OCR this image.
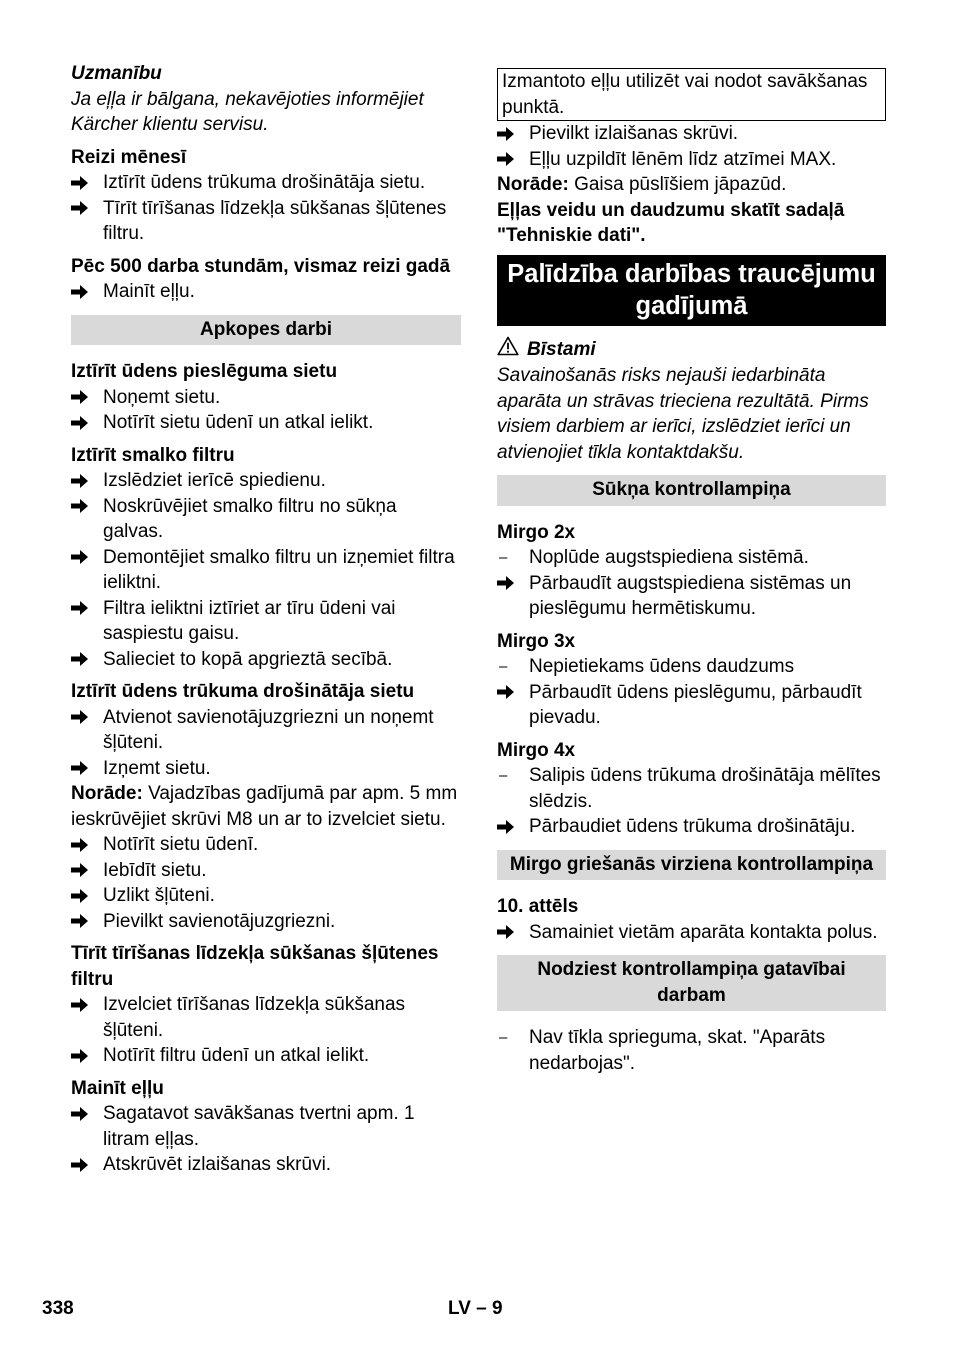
Uzmanību

Ja eļļa ir bālgana, nekavējoties informējiet Kärcher klientu servisu.

Reizi mēnesī

Iztīrīt ūdens trūkuma drošinātāja sietu.
Tīrīt tīrīšanas līdzekļa sūkšanas šļūtenes filtru.

Pēc 500 darba stundām, vismaz reizi gadā

Mainīt eļļu.
Apkopes darbi

Iztīrīt ūdens pieslēguma sietu

Noņemt sietu.
Notīrīt sietu ūdenī un atkal ielikt.

Iztīrīt smalko filtru

Izslēdziet ierīcē spiedienu.
Noskrūvējiet smalko filtru no sūkņa galvas.
Demontējiet smalko filtru un izņemiet filtra ieliktni.
Filtra ieliktni iztīriet ar tīru ūdeni vai saspiestu gaisu.
Salieciet to kopā apgrieztā secībā.

Iztīrīt ūdens trūkuma drošinātāja sietu

Atvienot savienotājuzgriezni un noņemt šļūteni.
Izņemt sietu.

Norāde: Vajadzības gadījumā par apm. 5 mm ieskrūvējiet skrūvi M8 un ar to izvelciet sietu.

Notīrīt sietu ūdenī.
Iebīdīt sietu.
Uzlikt šļūteni.
Pievilkt savienotājuzgriezni.

Tīrīt tīrīšanas līdzekļa sūkšanas šļūtenes filtru

Izvelciet tīrīšanas līdzekļa sūkšanas šļūteni.
Notīrīt filtru ūdenī un atkal ielikt.

Mainīt eļļu

Sagatavot savākšanas tvertni apm. 1 litram eļļas.
Atskrūvēt izlaišanas skrūvi.
Izmantoto eļļu utilizēt vai nodot savākšanas punktā.
Pievilkt izlaišanas skrūvi.
Eļļu uzpildīt lēnēm līdz atzīmei MAX.

Norāde: Gaisa pūslīšiem jāpazūd.

Eļļas veidu un daudzumu skatīt sadaļā "Tehniskie dati".

Palīdzība darbības traucējumu gadījumā
Bīstami

Savainošanās risks nejauši iedarbināta aparāta un strāvas trieciena rezultātā. Pirms visiem darbiem ar ierīci, izslēdziet ierīci un atvienojiet tīkla kontaktdakšu.

Sūkņa kontrollampiņa

Mirgo 2x

– Noplūde augstspiediena sistēmā.
Pārbaudīt augstspiediena sistēmas un pieslēgumu hermētiskumu.

Mirgo 3x

– Nepietiekams ūdens daudzums
Pārbaudīt ūdens pieslēgumu, pārbaudīt pievadu.

Mirgo 4x

– Salipis ūdens trūkuma drošinātāja mēlītes slēdzis.
Pārbaudiet ūdens trūkuma drošinātāju.
Mirgo griešanās virziena kontrollampiņa

10. attēls

Samainiet vietām aparāta kontakta polus.
Nodziest kontrollampiņa gatavībai darbam
– Nav tīkla sprieguma, skat. "Aparāts nedarbojas".
338	LV – 9
